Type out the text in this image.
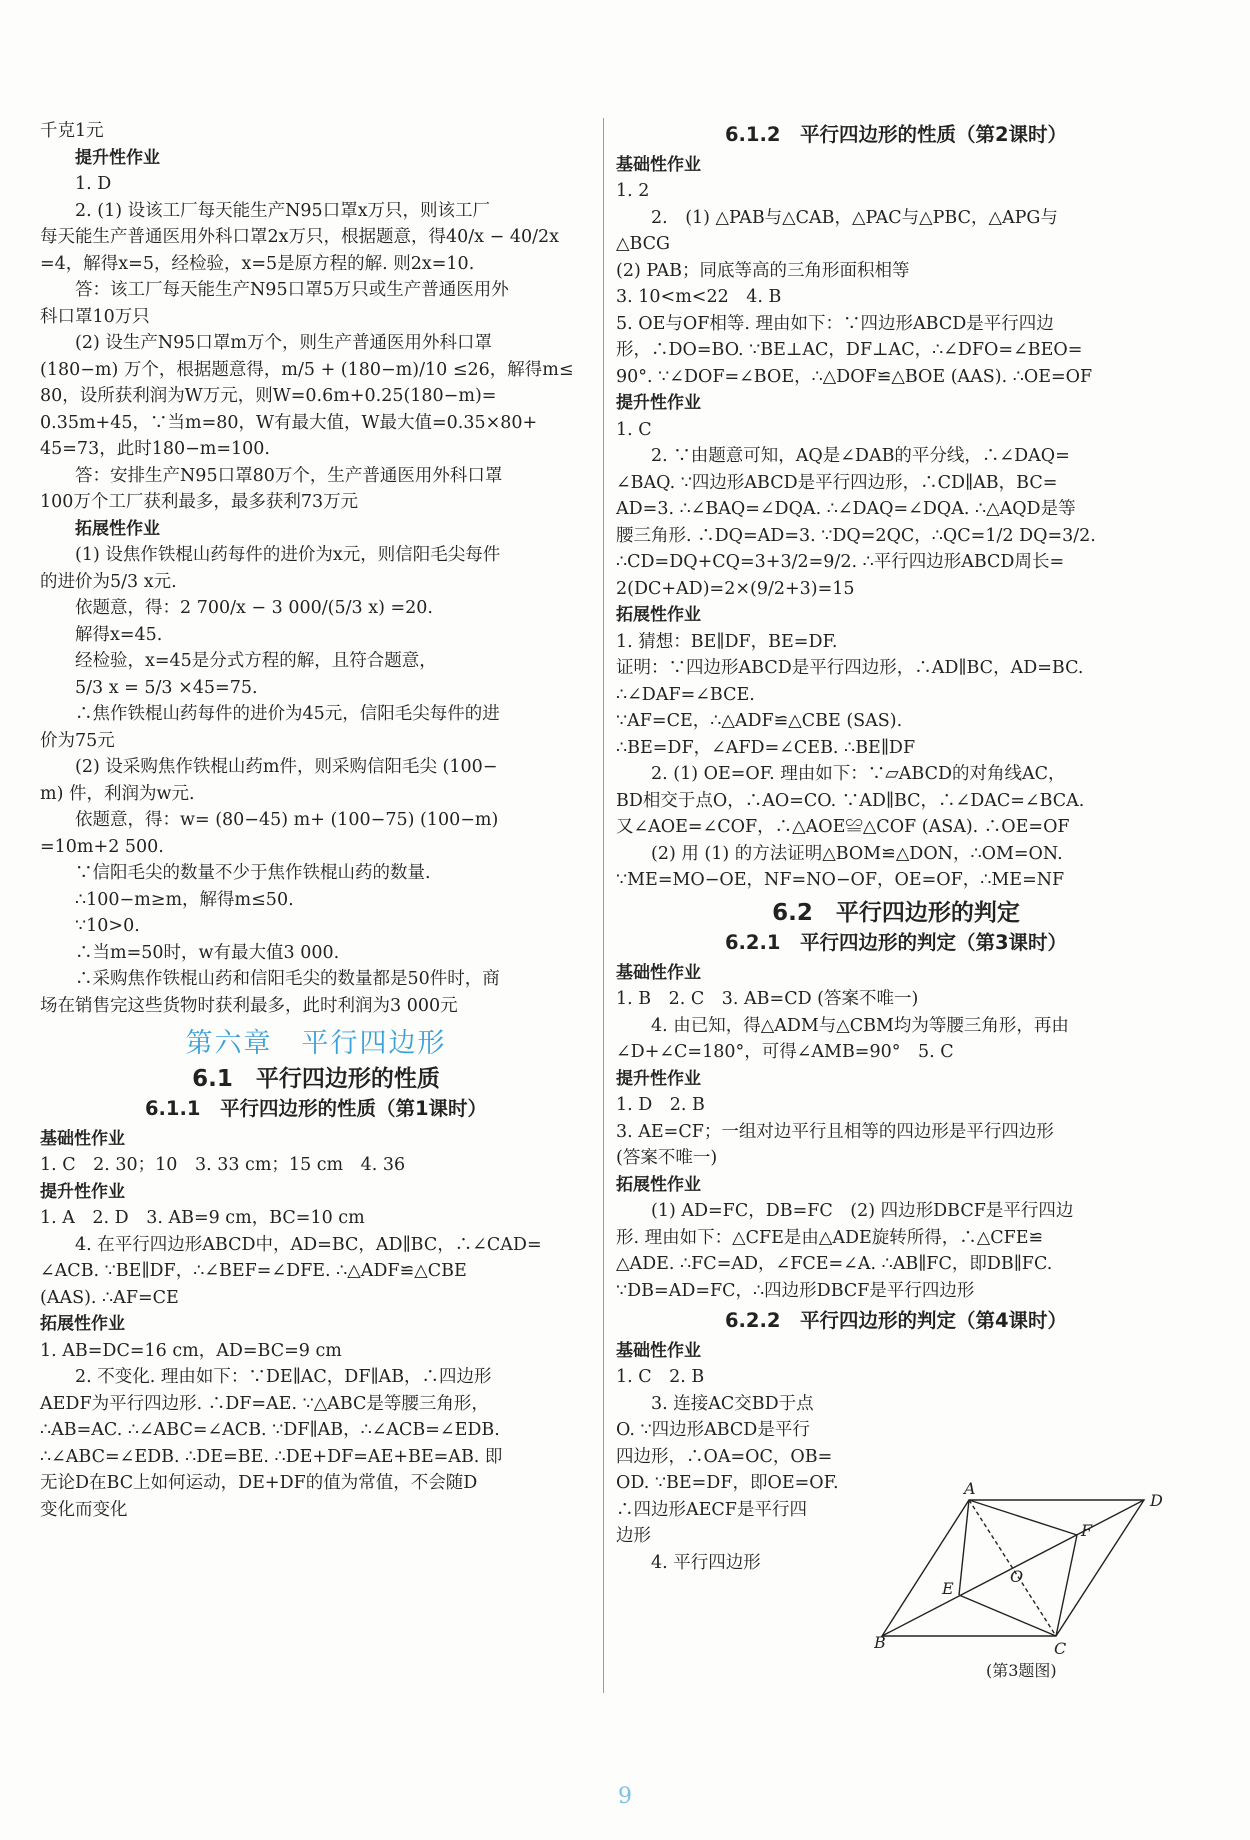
千克1元
提升性作业
1. D
2. (1) 设该工厂每天能生产N95口罩x万只，则该工厂
每天能生产普通医用外科口罩2x万只，根据题意，得40/x − 40/2x
=4，解得x=5，经检验，x=5是原方程的解. 则2x=10.
答：该工厂每天能生产N95口罩5万只或生产普通医用外
科口罩10万只
(2) 设生产N95口罩m万个，则生产普通医用外科口罩
(180−m) 万个，根据题意得，m/5 + (180−m)/10 ≤26，解得m≤
80，设所获利润为W万元，则W=0.6m+0.25(180−m)=
0.35m+45，∵当m=80，W有最大值，W最大值=0.35×80+
45=73，此时180−m=100.
答：安排生产N95口罩80万个，生产普通医用外科口罩
100万个工厂获利最多，最多获利73万元
拓展性作业
(1) 设焦作铁棍山药每件的进价为x元，则信阳毛尖每件
的进价为5/3 x元.
依题意，得：2 700/x − 3 000/(5/3 x) =20.
解得x=45.
经检验，x=45是分式方程的解，且符合题意，
5/3 x = 5/3 ×45=75.
∴焦作铁棍山药每件的进价为45元，信阳毛尖每件的进
价为75元
(2) 设采购焦作铁棍山药m件，则采购信阳毛尖 (100−
m) 件，利润为w元.
依题意，得：w= (80−45) m+ (100−75) (100−m)
=10m+2 500.
∵信阳毛尖的数量不少于焦作铁棍山药的数量.
∴100−m≥m，解得m≤50.
∵10>0.
∴当m=50时，w有最大值3 000.
∴采购焦作铁棍山药和信阳毛尖的数量都是50件时，商
场在销售完这些货物时获利最多，此时利润为3 000元
第六章　平行四边形
6.1　平行四边形的性质
6.1.1　平行四边形的性质（第1课时）
基础性作业
1. C　2. 30；10　3. 33 cm；15 cm　4. 36
提升性作业
1. A　2. D　3. AB=9 cm，BC=10 cm
4. 在平行四边形ABCD中，AD=BC，AD∥BC，∴∠CAD=
∠ACB. ∵BE∥DF，∴∠BEF=∠DFE. ∴△ADF≌△CBE
(AAS). ∴AF=CE
拓展性作业
1. AB=DC=16 cm，AD=BC=9 cm
2. 不变化. 理由如下：∵DE∥AC，DF∥AB，∴四边形
AEDF为平行四边形. ∴DF=AE. ∵△ABC是等腰三角形，
∴AB=AC. ∴∠ABC=∠ACB. ∵DF∥AB，∴∠ACB=∠EDB.
∴∠ABC=∠EDB. ∴DE=BE. ∴DE+DF=AE+BE=AB. 即
无论D在BC上如何运动，DE+DF的值为常值，不会随D
变化而变化
6.1.2　平行四边形的性质（第2课时）
基础性作业
1. 2
2.　(1) △PAB与△CAB，△PAC与△PBC，△APG与
△BCG
(2) PAB；同底等高的三角形面积相等
3. 10<m<22　4. B
5. OE与OF相等. 理由如下：∵四边形ABCD是平行四边
形，∴DO=BO. ∵BE⊥AC，DF⊥AC，∴∠DFO=∠BEO=
90°. ∵∠DOF=∠BOE，∴△DOF≌△BOE (AAS). ∴OE=OF
提升性作业
1. C
2. ∵由题意可知，AQ是∠DAB的平分线，∴∠DAQ=
∠BAQ. ∵四边形ABCD是平行四边形，∴CD∥AB，BC=
AD=3. ∴∠BAQ=∠DQA. ∴∠DAQ=∠DQA. ∴△AQD是等
腰三角形. ∴DQ=AD=3. ∵DQ=2QC，∴QC=1/2 DQ=3/2.
∴CD=DQ+CQ=3+3/2=9/2. ∴平行四边形ABCD周长=
2(DC+AD)=2×(9/2+3)=15
拓展性作业
1. 猜想：BE∥DF，BE=DF.
证明：∵四边形ABCD是平行四边形，∴AD∥BC，AD=BC.
∴∠DAF=∠BCE.
∵AF=CE，∴△ADF≌△CBE (SAS).
∴BE=DF，∠AFD=∠CEB. ∴BE∥DF
2. (1) OE=OF. 理由如下：∵▱ABCD的对角线AC，
BD相交于点O，∴AO=CO. ∵AD∥BC，∴∠DAC=∠BCA.
又∠AOE=∠COF，∴△AOE≌△COF (ASA). ∴OE=OF
(2) 用 (1) 的方法证明△BOM≌△DON，∴OM=ON.
∵ME=MO−OE，NF=NO−OF，OE=OF，∴ME=NF
6.2　平行四边形的判定
6.2.1　平行四边形的判定（第3课时）
基础性作业
1. B　2. C　3. AB=CD (答案不唯一)
4. 由已知，得△ADM与△CBM均为等腰三角形，再由
∠D+∠C=180°，可得∠AMB=90°　5. C
提升性作业
1. D　2. B
3. AE=CF；一组对边平行且相等的四边形是平行四边形
(答案不唯一)
拓展性作业
(1) AD=FC，DB=FC　(2) 四边形DBCF是平行四边
形. 理由如下：△CFE是由△ADE旋转所得，∴△CFE≌
△ADE. ∴FC=AD，∠FCE=∠A. ∴AB∥FC，即DB∥FC.
∵DB=AD=FC，∴四边形DBCF是平行四边形
6.2.2　平行四边形的判定（第4课时）
基础性作业
1. C　2. B
3. 连接AC交BD于点
O. ∵四边形ABCD是平行
四边形，∴OA=OC，OB=
OD. ∵BE=DF，即OE=OF.
∴四边形AECF是平行四
边形
4. 平行四边形
A
D
B	C
E
F
O
(第3题图)
9
